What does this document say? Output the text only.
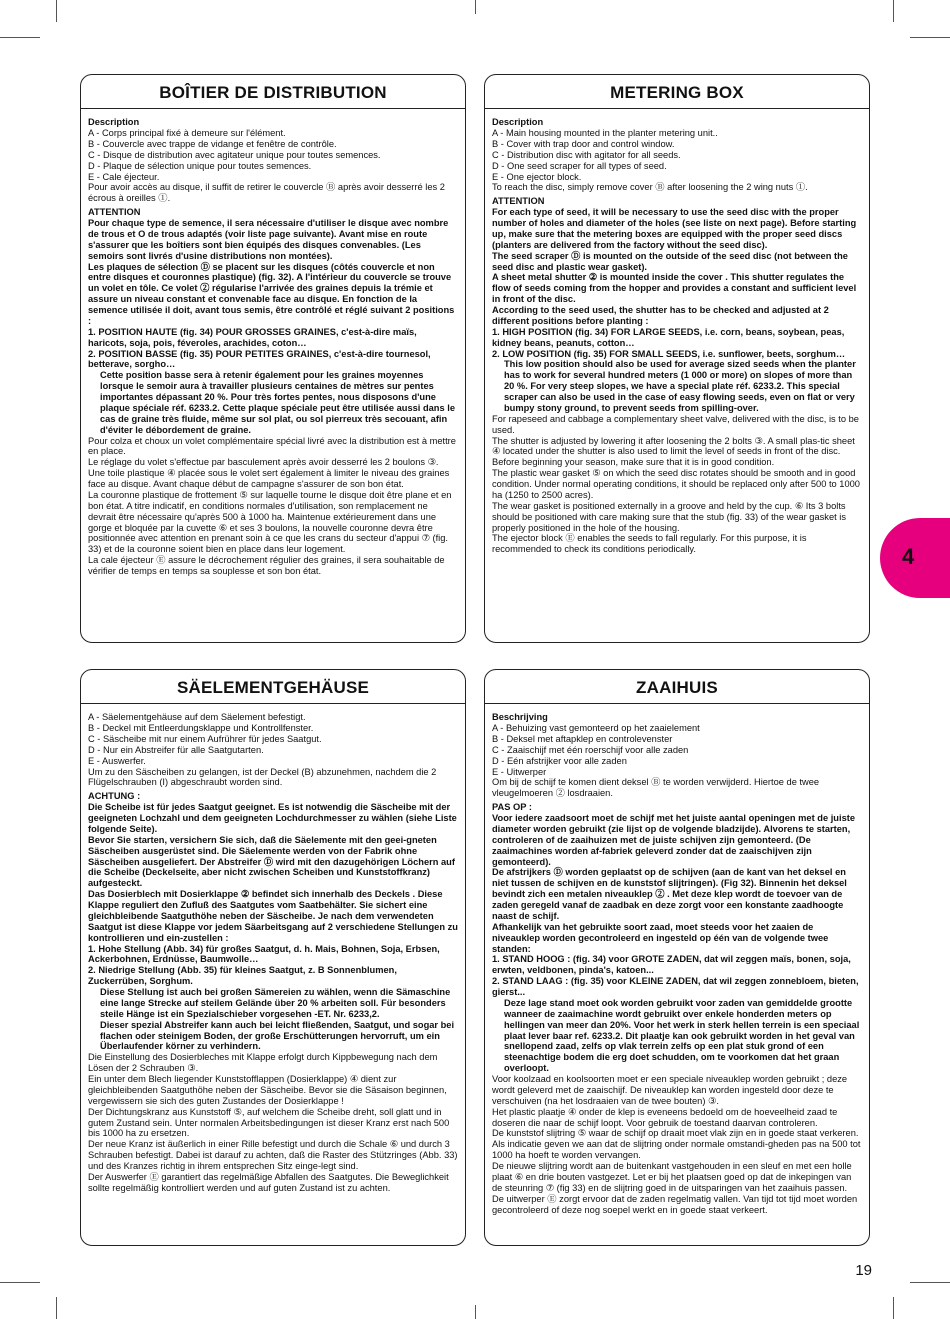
BOÎTIER DE DISTRIBUTION

Description

A - Corps principal fixé à demeure sur l'élément.

B - Couvercle avec trappe de vidange et fenêtre de contrôle.

C - Disque de distribution avec agitateur unique pour toutes semences.

D - Plaque de sélection unique pour toutes semences.

E - Cale éjecteur.

Pour avoir accès au disque, il suffit de retirer le couvercle Ⓑ après avoir desserré les 2 écrous à oreilles ①.

ATTENTION

Pour chaque type de semence, il sera nécessaire d'utiliser le disque avec nombre de trous et O de trous adaptés (voir liste page suivante). Avant mise en route s'assurer que les boîtiers sont bien équipés des disques convenables. (Les semoirs sont livrés d'usine distributions non montées).

Les plaques de sélection Ⓓ se placent sur les disques (côtés couvercle et non entre disques et couronnes plastique) (fig. 32). A l'intérieur du couvercle se trouve un volet en tôle. Ce volet ② régularise l'arrivée des graines depuis la trémie et assure un niveau constant et convenable face au disque. En fonction de la semence utilisée il doit, avant tous semis, être contrôlé et réglé suivant 2 positions :

1. POSITION HAUTE (fig. 34) POUR GROSSES GRAINES, c'est-à-dire maïs, haricots, soja, pois, féveroles, arachides, coton…

2. POSITION BASSE (fig. 35) POUR PETITES GRAINES, c'est-à-dire tournesol, betterave, sorgho…

Cette position basse sera à retenir également pour les graines moyennes lorsque le semoir aura à travailler plusieurs centaines de mètres sur pentes importantes dépassant 20 %. Pour très fortes pentes, nous disposons d'une plaque spéciale réf. 6233.2. Cette plaque spéciale peut être utilisée aussi dans le cas de graine très fluide, même sur sol plat, ou sol pierreux très secouant, afin d'éviter le débordement de graine.

Pour colza et choux un volet complémentaire spécial livré avec la distribution est à mettre en place.

Le réglage du volet s'effectue par basculement après avoir desserré les 2 boulons ③.

Une toile plastique ④ placée sous le volet sert également à limiter le niveau des graines face au disque. Avant chaque début de campagne s'assurer de son bon état.

La couronne plastique de frottement ⑤ sur laquelle tourne le disque doit être plane et en bon état. A titre indicatif, en conditions normales d'utilisation, son remplacement ne devrait être nécessaire qu'après 500 à 1000 ha. Maintenue extérieurement dans une gorge et bloquée par la cuvette ⑥ et ses 3 boulons, la nouvelle couronne devra être positionnée avec attention en prenant soin à ce que les crans du secteur d'appui ⑦ (fig. 33) et de la couronne soient bien en place dans leur logement.

La cale éjecteur Ⓔ assure le décrochement régulier des graines, il sera souhaitable de vérifier de temps en temps sa souplesse et son bon état.

METERING BOX

Description

A - Main housing mounted in the planter metering unit..

B - Cover with trap door and control window.

C - Distribution disc with agitator for all seeds.

D - One seed scraper for all types of seed.

E - One ejector block.

To reach the disc, simply remove cover Ⓑ after loosening the 2 wing nuts ①.

ATTENTION

For each type of seed, it will be necessary to use the seed disc with the proper number of holes and diameter of the holes (see liste on next page). Before starting up, make sure that the metering boxes are equipped with the proper seed discs (planters are delivered from the factory without the seed disc).

The seed scraper Ⓓ is mounted on the outside of the seed disc (not between the seed disc and plastic wear gasket).

A sheet metal shutter ② is mounted inside the cover . This shutter regulates the flow of seeds coming from the hopper and provides a constant and sufficient level in front of the disc.

According to the seed used, the shutter has to be checked and adjusted at 2 different positions before planting :

1. HIGH POSITION (fig. 34) FOR LARGE SEEDS, i.e. corn, beans, soybean, peas, kidney beans, peanuts, cotton…

2. LOW POSITION (fig. 35) FOR SMALL SEEDS, i.e. sunflower, beets, sorghum…

This low position should also be used for average sized seeds when the planter has to work for several hundred meters (1 000 or more) on slopes of more than 20 %. For very steep slopes, we have a special plate réf. 6233.2. This special scraper can also be used in the case of easy flowing seeds, even on flat or very bumpy stony ground, to prevent seeds from spilling-over.

For rapeseed and cabbage a complementary sheet valve, delivered with the disc, is to be used.

The shutter is adjusted by lowering it after loosening the 2 bolts ③. A small plas-tic sheet ④ located under the shutter is also used to limit the level of seeds in front of the disc. Before beginning your season, make sure that it is in good condition.

The plastic wear gasket ⑤ on which the seed disc rotates should be smooth and in good condition. Under normal operating conditions, it should be replaced only after 500 to 1000 ha (1250 to 2500 acres).

The wear gasket is positioned externally in a groove and held by the cup. ⑥ Its 3 bolts should be positioned with care making sure that the stub (fig. 33) of the wear gasket is properly positioned in the hole of the housing.

The ejector block Ⓔ enables the seeds to fall regularly. For this purpose, it is recommended to check its conditions periodically.

SÄELEMENTGEHÄUSE

A - Säelementgehäuse auf dem Säelement befestigt.

B - Deckel mit Entleerdungsklappe und Kontrollfenster.

C - Säscheibe mit nur einem Aufrührer für jedes Saatgut.

D - Nur ein Abstreifer für alle Saatgutarten.

E - Auswerfer.

Um zu den Säscheiben zu gelangen, ist der Deckel (B) abzunehmen, nachdem die 2 Flügelschrauben (I) abgeschraubt worden sind.

ACHTUNG :

Die Scheibe ist für jedes Saatgut geeignet. Es ist notwendig die Säscheibe mit der geeigneten Lochzahl und dem geeigneten Lochdurchmesser zu wählen (siehe Liste folgende Seite).

Bevor Sie starten, versichern Sie sich, daß die Säelemente mit den geei-gneten Säscheiben ausgerüstet sind. Die Säelemente werden von der Fabrik ohne Säscheiben ausgeliefert. Der Abstreifer Ⓓ wird mit den dazugehörigen Löchern auf die Scheibe (Deckelseite, aber nicht zwischen Scheiben und Kunststoffkranz) aufgesteckt.

Das Dosierblech mit Dosierklappe ② befindet sich innerhalb des Deckels . Diese Klappe reguliert den Zufluß des Saatgutes vom Saatbehälter. Sie sichert eine gleichbleibende Saatguthöhe neben der Säscheibe. Je nach dem verwendeten Saatgut ist diese Klappe vor jedem Säarbeitsgang auf 2 verschiedene Stellungen zu kontrollieren und ein-zustellen :

1. Hohe Stellung (Abb. 34) für großes Saatgut, d. h. Mais, Bohnen, Soja, Erbsen, Ackerbohnen, Erdnüsse, Baumwolle…

2. Niedrige Stellung (Abb. 35) für kleines Saatgut, z. B Sonnenblumen, Zuckerrüben, Sorghum.

Diese Stellung ist auch bei großen Sämereien zu wählen, wenn die Sämaschine eine lange Strecke auf steilem Gelände über 20 % arbeiten soll. Für besonders steile Hänge ist ein Spezialschieber vorgesehen -ET. Nr. 6233,2.

Dieser spezial Abstreifer kann auch bei leicht fließenden, Saatgut, und sogar bei flachen oder steinigem Boden, der große Erschütterungen hervorruft, um ein Überlaufender körner zu verhindern.

Die Einstellung des Dosierbleches mit Klappe erfolgt durch Kippbewegung nach dem Lösen der 2 Schrauben ③.

Ein unter dem Blech liegender Kunststofflappen (Dosierklappe) ④ dient zur gleichbleibenden Saatguthöhe neben der Säscheibe. Bevor sie die Säsaison beginnen, vergewissern sie sich des guten Zustandes der Dosierklappe !

Der Dichtungskranz aus Kunststoff ⑤, auf welchem die Scheibe dreht, soll glatt und in gutem Zustand sein. Unter normalen Arbeitsbedingungen ist dieser Kranz erst nach 500 bis 1000 ha zu ersetzen.

Der neue Kranz ist äußerlich in einer Rille befestigt und durch die Schale ⑥ und durch 3 Schrauben befestigt. Dabei ist darauf zu achten, daß die Raster des Stützringes (Abb. 33) und des Kranzes richtig in ihrem entsprechen Sitz einge-legt sind.

Der Auswerfer Ⓔ garantiert das regelmäßige Abfallen des Saatgutes. Die Beweglichkeit sollte regelmäßig kontrolliert werden und auf guten Zustand ist zu achten.

ZAAIHUIS

Beschrijving

A - Behuizing vast gemonteerd op het zaaielement

B - Deksel met aftapklep en controlevenster

C - Zaaischijf met één roerschijf voor alle zaden

D - Eén afstrijker voor alle zaden

E - Uitwerper

Om bij de schijf te komen dient deksel Ⓑ te worden verwijderd. Hiertoe de twee vleugelmoeren ② losdraaien.

PAS OP :

Voor iedere zaadsoort moet de schijf met het juiste aantal openingen met de juiste diameter worden gebruikt (zie lijst op de volgende bladzijde). Alvorens te starten, controleren of de zaaihuizen met de juiste schijven zijn gemonteerd. (De zaaimachines worden af-fabriek geleverd zonder dat de zaaischijven zijn gemonteerd).

De afstrijkers Ⓓ worden geplaatst op de schijven (aan de kant van het deksel en niet tussen de schijven en de kunststof slijtringen). (Fig 32). Binnenin het deksel bevindt zich een metalen niveauklep ② . Met deze klep wordt de toevoer van de zaden geregeld vanaf de zaadbak en deze zorgt voor een konstante zaadhoogte naast de schijf.

Afhankelijk van het gebruikte soort zaad, moet steeds voor het zaaien de niveauklep worden gecontroleerd en ingesteld op één van de volgende twee standen:

1. STAND HOOG : (fig. 34) voor GROTE ZADEN, dat wil zeggen maïs, bonen, soja, erwten, veldbonen, pinda's, katoen...

2. STAND LAAG : (fig. 35) voor KLEINE ZADEN, dat wil zeggen zonnebloem, bieten, gierst...

Deze lage stand moet ook worden gebruikt voor zaden van gemiddelde grootte wanneer de zaaimachine wordt gebruikt over enkele honderden meters op hellingen van meer dan 20%. Voor het werk in sterk hellen terrein is een speciaal plaat lever baar ref. 6233.2. Dit plaatje kan ook gebruikt worden in het geval van snellopend zaad, zelfs op vlak terrein zelfs op een plat stuk grond of een steenachtige bodem die erg doet schudden, om te voorkomen dat het graan overloopt.

Voor koolzaad en koolsoorten moet er een speciale niveauklep worden gebruikt ; deze wordt geleverd met de zaaischijf. De niveauklep kan worden ingesteld door deze te verschuiven (na het losdraaien van de twee bouten) ③.

Het plastic plaatje ④ onder de klep is eveneens bedoeld om de hoeveelheid zaad te doseren die naar de schijf loopt. Voor gebruik de toestand daarvan controleren.

De kunststof slijtring ⑤ waar de schijf op draait moet vlak zijn en in goede staat verkeren. Als indicatie geven we aan dat de slijtring onder normale omstandi-gheden pas na 500 tot 1000 ha hoeft te worden vervangen.

De nieuwe slijtring wordt aan de buitenkant vastgehouden in een sleuf en met een holle plaat ⑥ en drie bouten vastgezet. Let er bij het plaatsen goed op dat de inkepingen van de steunring ⑦ (fig 33) en de slijtring goed in de uitsparingen van het zaaihuis passen.

De uitwerper Ⓔ zorgt ervoor dat de zaden regelmatig vallen. Van tijd tot tijd moet worden gecontroleerd of deze nog soepel werkt en in goede staat verkeert.

4
19
